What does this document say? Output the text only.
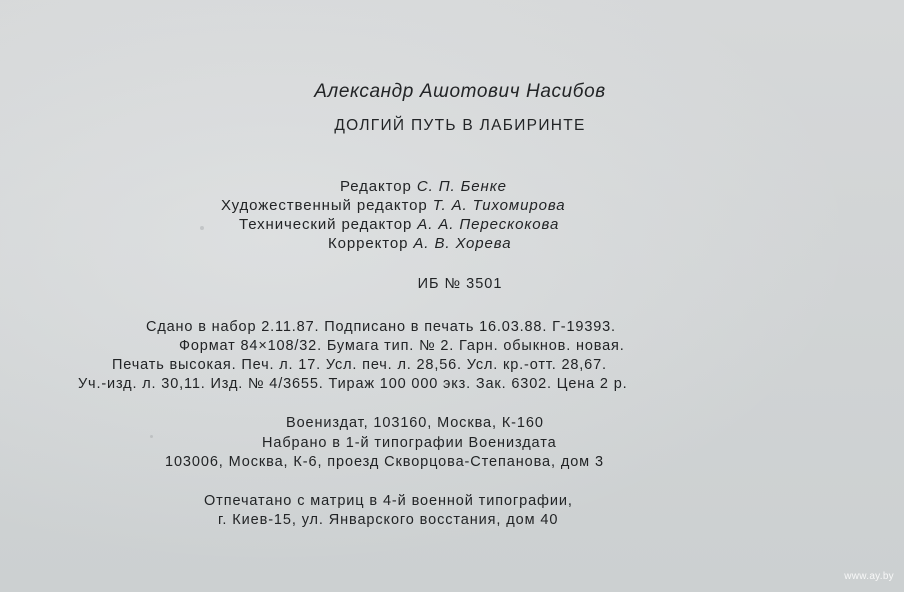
Александр Ашотович Насибов
ДОЛГИЙ ПУТЬ В ЛАБИРИНТЕ
Редактор С. П. Бенке
Художественный редактор Т. А. Тихомирова
Технический редактор А. А. Перескокова
Корректор А. В. Хорева
ИБ № 3501
Сдано в набор 2.11.87. Подписано в печать 16.03.88. Г-19393.
Формат 84×108/32. Бумага тип. № 2. Гарн. обыкнов. новая.
Печать высокая. Печ. л. 17. Усл. печ. л. 28,56. Усл. кр.-отт. 28,67.
Уч.-изд. л. 30,11. Изд. № 4/3655. Тираж 100 000 экз. Зак. 6302. Цена 2 р.
Воениздат, 103160, Москва, К-160
Набрано в 1-й типографии Воениздата
103006, Москва, К-6, проезд Скворцова-Степанова, дом 3
Отпечатано с матриц в 4-й военной типографии,
г. Киев-15, ул. Январского восстания, дом 40
www.ay.by
